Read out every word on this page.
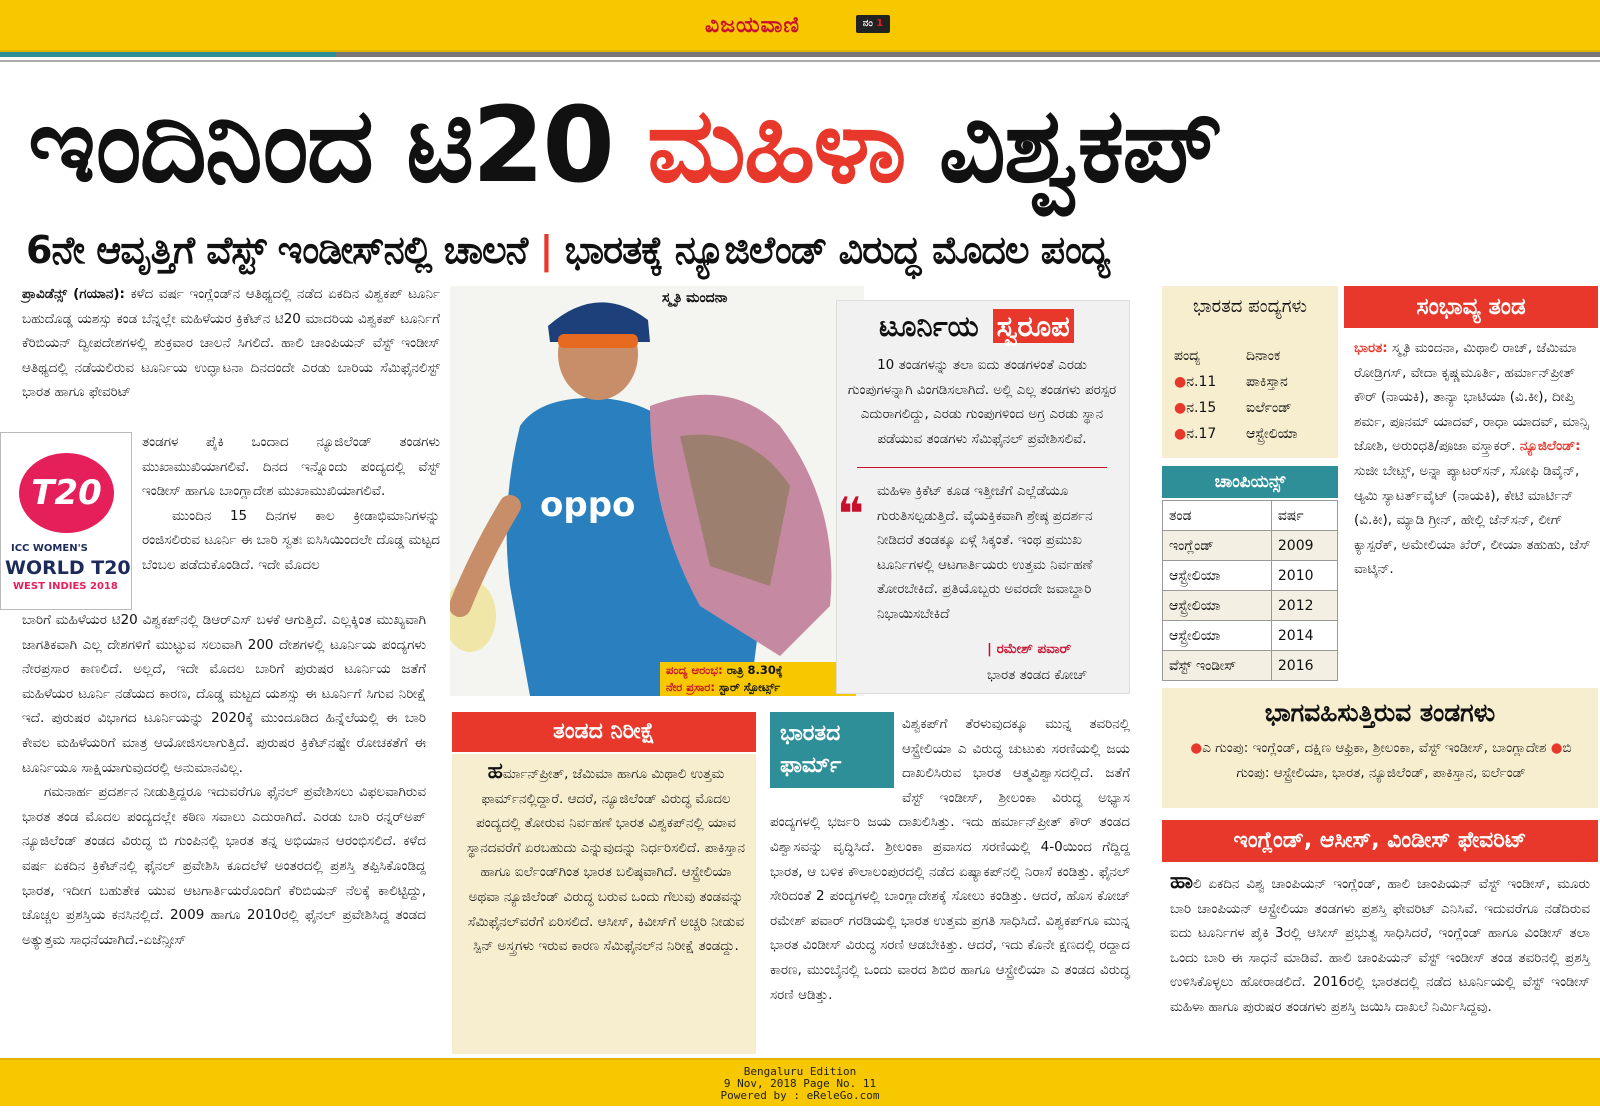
ವಿಜಯವಾಣಿ	ನಂ 1
ಇಂದಿನಿಂದ ಟಿ20 ಮಹಿಳಾ ವಿಶ್ವಕಪ್
6ನೇ ಆವೃತ್ತಿಗೆ ವೆಸ್ಟ್ ಇಂಡೀಸ್‌ನಲ್ಲಿ ಚಾಲನೆ | ಭಾರತಕ್ಕೆ ನ್ಯೂಜಿಲೆಂಡ್ ವಿರುದ್ಧ ಮೊದಲ ಪಂದ್ಯ

ಪ್ರಾವಿಡೆನ್ಸ್ (ಗಯಾನ): ಕಳೆದ ವರ್ಷ ಇಂಗ್ಲೆಂಡ್‌ನ ಆತಿಥ್ಯದಲ್ಲಿ ನಡೆದ ಏಕದಿನ ವಿಶ್ವಕಪ್ ಟೂರ್ನಿ ಬಹುದೊಡ್ಡ ಯಶಸ್ಸು ಕಂಡ ಬೆನ್ನಲ್ಲೇ ಮಹಿಳೆಯರ ಕ್ರಿಕೆಟ್‌ನ ಟಿ20 ಮಾದರಿಯ ವಿಶ್ವಕಪ್ ಟೂರ್ನಿಗೆ ಕೆರಿಬಿಯನ್ ದ್ವೀಪದೇಶಗಳಲ್ಲಿ ಶುಕ್ರವಾರ ಚಾಲನೆ ಸಿಗಲಿದೆ. ಹಾಲಿ ಚಾಂಪಿಯನ್ ವೆಸ್ಟ್ ಇಂಡೀಸ್ ಆತಿಥ್ಯದಲ್ಲಿ ನಡೆಯಲಿರುವ ಟೂರ್ನಿಯ ಉದ್ಘಾಟನಾ ದಿನದಂದೇ ಎರಡು ಬಾರಿಯ ಸೆಮಿಫೈನಲಿಸ್ಟ್ ಭಾರತ ಹಾಗೂ ಫೇವರಿಟ್

ತಂಡಗಳ ಪೈಕಿ ಒಂದಾದ ನ್ಯೂಜಿಲೆಂಡ್ ತಂಡಗಳು ಮುಖಾಮುಖಿಯಾಗಲಿವೆ. ದಿನದ ಇನ್ನೊಂದು ಪಂದ್ಯದಲ್ಲಿ ವೆಸ್ಟ್ ಇಂಡೀಸ್ ಹಾಗೂ ಬಾಂಗ್ಲಾದೇಶ ಮುಖಾಮುಖಿಯಾಗಲಿವೆ.

ಮುಂದಿನ 15 ದಿನಗಳ ಕಾಲ ಕ್ರೀಡಾಭಿಮಾನಿಗಳನ್ನು ರಂಜಿಸಲಿರುವ ಟೂರ್ನಿ ಈ ಬಾರಿ ಸ್ವತಃ ಐಸಿಸಿಯಿಂದಲೇ ದೊಡ್ಡ ಮಟ್ಟದ ಬೆಂಬಲ ಪಡೆದುಕೊಂಡಿದೆ. ಇದೇ ಮೊದಲ

ಬಾರಿಗೆ ಮಹಿಳೆಯರ ಟಿ20 ವಿಶ್ವಕಪ್‌ನಲ್ಲಿ ಡಿಆರ್‌ಎಸ್ ಬಳಕೆ ಆಗುತ್ತಿದೆ. ಎಲ್ಲಕ್ಕಿಂತ ಮುಖ್ಯವಾಗಿ ಜಾಗತಿಕವಾಗಿ ಎಲ್ಲ ದೇಶಗಳಿಗೆ ಮುಟ್ಟುವ ಸಲುವಾಗಿ 200 ದೇಶಗಳಲ್ಲಿ ಟೂರ್ನಿಯ ಪಂದ್ಯಗಳು ನೇರಪ್ರಸಾರ ಕಾಣಲಿದೆ. ಅಲ್ಲದೆ, ಇದೇ ಮೊದಲ ಬಾರಿಗೆ ಪುರುಷರ ಟೂರ್ನಿಯ ಜತೆಗೆ ಮಹಿಳೆಯರ ಟೂರ್ನಿ ನಡೆಯದ ಕಾರಣ, ದೊಡ್ಡ ಮಟ್ಟದ ಯಶಸ್ಸು ಈ ಟೂರ್ನಿಗೆ ಸಿಗುವ ನಿರೀಕ್ಷೆ ಇದೆ. ಪುರುಷರ ವಿಭಾಗದ ಟೂರ್ನಿಯನ್ನು 2020ಕ್ಕೆ ಮುಂದೂಡಿದ ಹಿನ್ನೆಲೆಯಲ್ಲಿ ಈ ಬಾರಿ ಕೇವಲ ಮಹಿಳೆಯರಿಗೆ ಮಾತ್ರ ಆಯೋಜಿಸಲಾಗುತ್ತಿದೆ. ಪುರುಷರ ಕ್ರಿಕೆಟ್‌ನಷ್ಟೇ ರೋಚಕತೆಗೆ ಈ ಟೂರ್ನಿಯೂ ಸಾಕ್ಷಿಯಾಗುವುದರಲ್ಲಿ ಅನುಮಾನವಿಲ್ಲ.

ಗಮನಾರ್ಹ ಪ್ರದರ್ಶನ ನೀಡುತ್ತಿದ್ದರೂ ಇದುವರೆಗೂ ಫೈನಲ್ ಪ್ರವೇಶಿಸಲು ವಿಫಲವಾಗಿರುವ ಭಾರತ ತಂಡ ಮೊದಲ ಪಂದ್ಯದಲ್ಲೇ ಕಠಿಣ ಸವಾಲು ಎದುರಾಗಿದೆ. ಎರಡು ಬಾರಿ ರನ್ನರ್‌ಅಪ್ ನ್ಯೂಜಿಲೆಂಡ್ ತಂಡದ ವಿರುದ್ಧ ಬಿ ಗುಂಪಿನಲ್ಲಿ ಭಾರತ ತನ್ನ ಅಭಿಯಾನ ಆರಂಭಿಸಲಿದೆ. ಕಳೆದ ವರ್ಷ ಏಕದಿನ ಕ್ರಿಕೆಟ್‌ನಲ್ಲಿ ಫೈನಲ್ ಪ್ರವೇಶಿಸಿ ಕೂದಲೆಳೆ ಅಂತರದಲ್ಲಿ ಪ್ರಶಸ್ತಿ ತಪ್ಪಿಸಿಕೊಂಡಿದ್ದ ಭಾರತ, ಇದೀಗ ಬಹುತೇಕ ಯುವ ಆಟಗಾರ್ತಿಯರೊಂದಿಗೆ ಕೆರಿಬಿಯನ್ ನೆಲಕ್ಕೆ ಕಾಲಿಟ್ಟಿದ್ದು, ಚೊಚ್ಚಲ ಪ್ರಶಸ್ತಿಯ ಕನಸಿನಲ್ಲಿದೆ. 2009 ಹಾಗೂ 2010ರಲ್ಲಿ ಫೈನಲ್ ಪ್ರವೇಶಿಸಿದ್ದ ತಂಡದ ಅತ್ಯುತ್ತಮ ಸಾಧನೆಯಾಗಿದೆ.-ಏಜೆನ್ಸೀಸ್

T20
ICC WOMEN'S
WORLD T20
WEST INDIES 2018
oppo
ಸ್ಮೃತಿ ಮಂದನಾ
ಪಂದ್ಯ ಆರಂಭ: ರಾತ್ರಿ 8.30ಕ್ಕೆ
ನೇರ ಪ್ರಸಾರ: ಸ್ಟಾರ್ ಸ್ಪೋರ್ಟ್ಸ್
ಟೂರ್ನಿಯ ಸ್ವರೂಪ
10 ತಂಡಗಳನ್ನು ತಲಾ ಐದು ತಂಡಗಳಂತೆ ಎರಡು ಗುಂಪುಗಳನ್ನಾಗಿ ವಿಂಗಡಿಸಲಾಗಿದೆ. ಅಲ್ಲಿ ಎಲ್ಲ ತಂಡಗಳು ಪರಸ್ಪರ ಎದುರಾಗಲಿದ್ದು, ಎರಡು ಗುಂಪುಗಳಿಂದ ಅಗ್ರ ಎರಡು ಸ್ಥಾನ ಪಡೆಯುವ ತಂಡಗಳು ಸೆಮಿಫೈನಲ್ ಪ್ರವೇಶಿಸಲಿವೆ.
❝ ಮಹಿಳಾ ಕ್ರಿಕೆಟ್ ಕೂಡ ಇತ್ತೀಚೆಗೆ ಎಲ್ಲೆಡೆಯೂ ಗುರುತಿಸಲ್ಪಡುತ್ತಿದೆ. ವೈಯಕ್ತಿಕವಾಗಿ ಶ್ರೇಷ್ಠ ಪ್ರದರ್ಶನ ನೀಡಿದರೆ ತಂಡಕ್ಕೂ ಏಳ್ಗೆ ಸಿಕ್ಕಂತೆ. ಇಂಥ ಪ್ರಮುಖ ಟೂರ್ನಿಗಳಲ್ಲಿ ಆಟಗಾರ್ತಿಯರು ಉತ್ತಮ ನಿರ್ವಹಣೆ ತೋರಬೇಕಿದೆ. ಪ್ರತಿಯೊಬ್ಬರು ಅವರದೇ ಜವಾಬ್ದಾರಿ ನಿಭಾಯಿಸಬೇಕಿದೆ
| ರಮೇಶ್ ಪವಾರ್
ಭಾರತ ತಂಡದ ಕೋಚ್
ಭಾರತದ ಪಂದ್ಯಗಳು
ಪಂದ್ಯ	ದಿನಾಂಕ
●ನ.11 ಪಾಕಿಸ್ತಾನ
●ನ.15 ಐರ್ಲೆಂಡ್
●ನ.17 ಆಸ್ಟ್ರೇಲಿಯಾ
ಚಾಂಪಿಯನ್ಸ್
ತಂಡ	ವರ್ಷ
ಇಂಗ್ಲೆಂಡ್	2009
ಆಸ್ಟ್ರೇಲಿಯಾ	2010
ಆಸ್ಟ್ರೇಲಿಯಾ	2012
ಆಸ್ಟ್ರೇಲಿಯಾ	2014
ವೆಸ್ಟ್ ಇಂಡೀಸ್	2016
ಸಂಭಾವ್ಯ ತಂಡ
ಭಾರತ: ಸ್ಮೃತಿ ಮಂದನಾ, ಮಿಥಾಲಿ ರಾಜ್, ಜೆಮಿಮಾ ರೋಡ್ರಿಗಸ್, ವೇದಾ ಕೃಷ್ಣಮೂರ್ತಿ, ಹರ್ಮಾನ್‌ಪ್ರೀತ್ ಕೌರ್ (ನಾಯಕಿ), ತಾನ್ಯಾ ಭಾಟಿಯಾ (ವಿ.ಕೀ), ದೀಪ್ತಿ ಶರ್ಮ, ಪೂನಮ್ ಯಾದವ್, ರಾಧಾ ಯಾದವ್, ಮಾನ್ಸಿ ಜೋಶಿ, ಅರುಂಧತಿ/ಪೂಜಾ ವಸ್ತ್ರಾಕರ್. ನ್ಯೂಜಿಲೆಂಡ್: ಸುಜೀ ಬೇಟ್ಸ್, ಅನ್ನಾ ಪ್ಯಾಟರ್‌ಸನ್, ಸೋಫಿ ಡಿವೈನ್, ಆ್ಯಮಿ ಸ್ಯಾಟರ್ತ್‌ವೈಟ್ (ನಾಯಕಿ), ಕೇಟಿ ಮಾರ್ಟಿನ್ (ವಿ.ಕೀ), ಮ್ಯಾಡಿ ಗ್ರೀನ್, ಹೇಲ್ಲಿ ಜೆನ್‌ಸನ್, ಲೀಗ್ ಕ್ಯಾಸ್ಪರೆಕ್, ಅಮೇಲಿಯಾ ಖೆರ್, ಲೀಯಾ ತಹುಹು, ಜೆಸ್ ವಾಟ್ಕಿನ್.
ಭಾಗವಹಿಸುತ್ತಿರುವ ತಂಡಗಳು
●ಎ ಗುಂಪು: ಇಂಗ್ಲೆಂಡ್, ದಕ್ಷಿಣ ಆಫ್ರಿಕಾ, ಶ್ರೀಲಂಕಾ, ವೆಸ್ಟ್ ಇಂಡೀಸ್, ಬಾಂಗ್ಲಾದೇಶ ●ಬಿ ಗುಂಪು: ಆಸ್ಟ್ರೇಲಿಯಾ, ಭಾರತ, ನ್ಯೂಜಿಲೆಂಡ್, ಪಾಕಿಸ್ತಾನ, ಐರ್ಲೆಂಡ್
ಇಂಗ್ಲೆಂಡ್, ಆಸೀಸ್, ವಿಂಡೀಸ್ ಫೇವರಿಟ್
ಹಾಲಿ ಏಕದಿನ ವಿಶ್ವ ಚಾಂಪಿಯನ್ ಇಂಗ್ಲೆಂಡ್, ಹಾಲಿ ಚಾಂಪಿಯನ್ ವೆಸ್ಟ್ ಇಂಡೀಸ್, ಮೂರು ಬಾರಿ ಚಾಂಪಿಯನ್ ಆಸ್ಟ್ರೇಲಿಯಾ ತಂಡಗಳು ಪ್ರಶಸ್ತಿ ಫೇವರಿಟ್ ಎನಿಸಿವೆ. ಇದುವರೆಗೂ ನಡೆದಿರುವ ಐದು ಟೂರ್ನಿಗಳ ಪೈಕಿ 3ರಲ್ಲಿ ಆಸೀಸ್ ಪ್ರಭುತ್ವ ಸಾಧಿಸಿದರೆ, ಇಂಗ್ಲೆಂಡ್ ಹಾಗೂ ವಿಂಡೀಸ್ ತಲಾ ಒಂದು ಬಾರಿ ಈ ಸಾಧನೆ ಮಾಡಿವೆ. ಹಾಲಿ ಚಾಂಪಿಯನ್ ವೆಸ್ಟ್ ಇಂಡೀಸ್ ತಂಡ ತವರಿನಲ್ಲಿ ಪ್ರಶಸ್ತಿ ಉಳಿಸಿಕೊಳ್ಳಲು ಹೋರಾಡಲಿದೆ. 2016ರಲ್ಲಿ ಭಾರತದಲ್ಲಿ ನಡೆದ ಟೂರ್ನಿಯಲ್ಲಿ ವೆಸ್ಟ್ ಇಂಡೀಸ್ ಮಹಿಳಾ ಹಾಗೂ ಪುರುಷರ ತಂಡಗಳು ಪ್ರಶಸ್ತಿ ಜಯಿಸಿ ದಾಖಲೆ ನಿರ್ಮಿಸಿದ್ದವು.
ತಂಡದ ನಿರೀಕ್ಷೆ
ಹರ್ಮಾನ್‌ಪ್ರೀತ್, ಜೆಮಿಮಾ ಹಾಗೂ ಮಿಥಾಲಿ ಉತ್ತಮ ಫಾರ್ಮ್‌ನಲ್ಲಿದ್ದಾರೆ. ಆದರೆ, ನ್ಯೂಜಿಲೆಂಡ್ ವಿರುದ್ಧ ಮೊದಲ ಪಂದ್ಯದಲ್ಲಿ ತೋರುವ ನಿರ್ವಹಣೆ ಭಾರತ ವಿಶ್ವಕಪ್‌ನಲ್ಲಿ ಯಾವ ಸ್ಥಾನದವರೆಗೆ ಏರಬಹುದು ಎನ್ನುವುದನ್ನು ನಿರ್ಧರಿಸಲಿದೆ. ಪಾಕಿಸ್ತಾನ ಹಾಗೂ ಐರ್ಲೆಂಡ್‌ಗಿಂತ ಭಾರತ ಬಲಿಷ್ಠವಾಗಿದೆ. ಆಸ್ಟ್ರೇಲಿಯಾ ಅಥವಾ ನ್ಯೂಜಿಲೆಂಡ್ ವಿರುದ್ಧ ಬರುವ ಒಂದು ಗೆಲುವು ತಂಡವನ್ನು ಸೆಮಿಫೈನಲ್‌ವರೆಗೆ ಏರಿಸಲಿದೆ. ಆಸೀಸ್, ಕಿವೀಸ್‌ಗೆ ಅಚ್ಚರಿ ನೀಡುವ ಸ್ಪಿನ್ ಅಸ್ತ್ರಗಳು ಇರುವ ಕಾರಣ ಸೆಮಿಫೈನಲ್‌ನ ನಿರೀಕ್ಷೆ ತಂಡದ್ದು.
ವಿಶ್ವಕಪ್‌ಗೆ ತೆರಳುವುದಕ್ಕೂ ಮುನ್ನ ತವರಿನಲ್ಲಿ ಆಸ್ಟ್ರೇಲಿಯಾ ಎ ವಿರುದ್ಧ ಚುಟುಕು ಸರಣಿಯಲ್ಲಿ ಜಯ ದಾಖಲಿಸಿರುವ ಭಾರತ ಆತ್ಮವಿಶ್ವಾಸದಲ್ಲಿದೆ. ಜತೆಗೆ ವೆಸ್ಟ್ ಇಂಡೀಸ್, ಶ್ರೀಲಂಕಾ ವಿರುದ್ಧ ಅಭ್ಯಾಸ ಪಂದ್ಯಗಳಲ್ಲಿ ಭರ್ಜರಿ ಜಯ ದಾಖಲಿಸಿತ್ತು. ಇದು ಹರ್ಮಾನ್‌ಪ್ರೀತ್ ಕೌರ್ ತಂಡದ ವಿಶ್ವಾಸವನ್ನು ವೃದ್ಧಿಸಿದೆ. ಶ್ರೀಲಂಕಾ ಪ್ರವಾಸದ ಸರಣಿಯಲ್ಲಿ 4-0ಯಿಂದ ಗೆದ್ದಿದ್ದ ಭಾರತ, ಆ ಬಳಿಕ ಕೌಲಾಲಂಪುರದಲ್ಲಿ ನಡೆದ ಏಷ್ಯಾಕಪ್‌ನಲ್ಲಿ ನಿರಾಸೆ ಕಂಡಿತ್ತು. ಫೈನಲ್ ಸೇರಿದಂತೆ 2 ಪಂದ್ಯಗಳಲ್ಲಿ ಬಾಂಗ್ಲಾದೇಶಕ್ಕೆ ಸೋಲು ಕಂಡಿತ್ತು. ಆದರೆ, ಹೊಸ ಕೋಚ್ ರಮೇಶ್ ಪವಾರ್ ಗರಡಿಯಲ್ಲಿ ಭಾರತ ಉತ್ತಮ ಪ್ರಗತಿ ಸಾಧಿಸಿದೆ. ವಿಶ್ವಕಪ್‌ಗೂ ಮುನ್ನ ಭಾರತ ವಿಂಡೀಸ್ ವಿರುದ್ಧ ಸರಣಿ ಆಡಬೇಕಿತ್ತು. ಆದರೆ, ಇದು ಕೊನೇ ಕ್ಷಣದಲ್ಲಿ ರದ್ದಾದ ಕಾರಣ, ಮುಂಬೈನಲ್ಲಿ ಒಂದು ವಾರದ ಶಿಬಿರ ಹಾಗೂ ಆಸ್ಟ್ರೇಲಿಯಾ ಎ ತಂಡದ ವಿರುದ್ಧ ಸರಣಿ ಆಡಿತ್ತು.
ಭಾರತದ ಫಾರ್ಮ್
Bengaluru Edition
9 Nov, 2018 Page No. 11
Powered by : eReleGo.com
